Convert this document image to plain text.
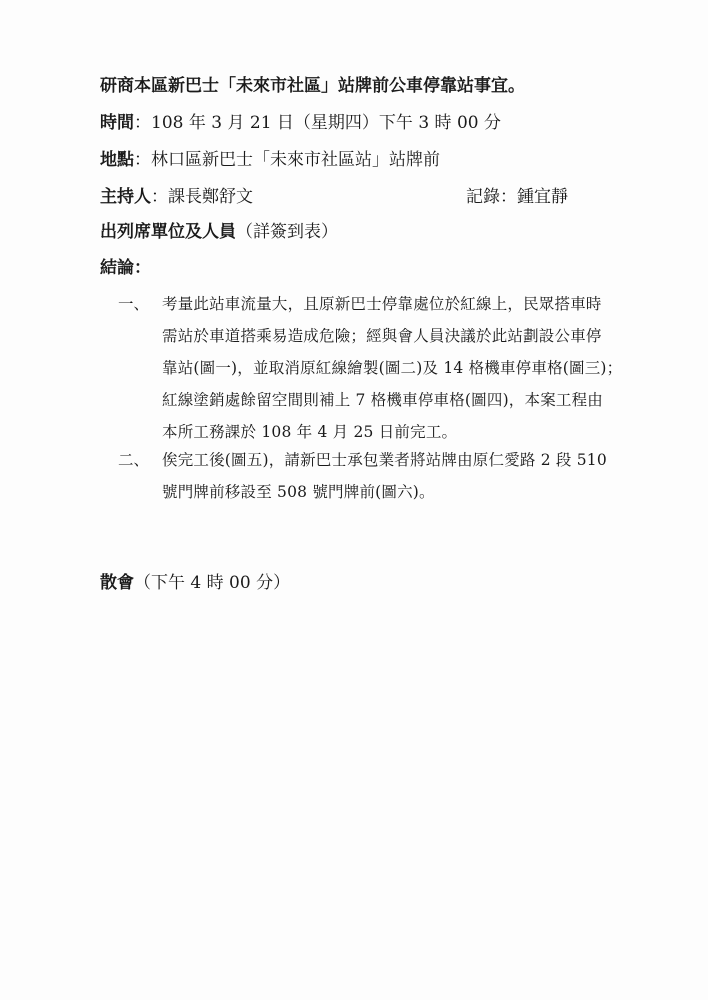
研商本區新巴士「未來市社區」站牌前公車停靠站事宜。
時間：108 年 3 月 21 日（星期四）下午 3 時 00 分
地點：林口區新巴士「未來市社區站」站牌前
主持人：課長鄭舒文	記錄：鍾宜靜
出列席單位及人員（詳簽到表）
結論：
一、 考量此站車流量大，且原新巴士停靠處位於紅線上，民眾搭車時
需站於車道搭乘易造成危險；經與會人員決議於此站劃設公車停
靠站(圖一)，並取消原紅線繪製(圖二)及 14 格機車停車格(圖三)；
紅線塗銷處餘留空間則補上 7 格機車停車格(圖四)，本案工程由
本所工務課於 108 年 4 月 25 日前完工。
二、 俟完工後(圖五)，請新巴士承包業者將站牌由原仁愛路 2 段 510
號門牌前移設至 508 號門牌前(圖六)。
散會（下午 4 時 00 分）
